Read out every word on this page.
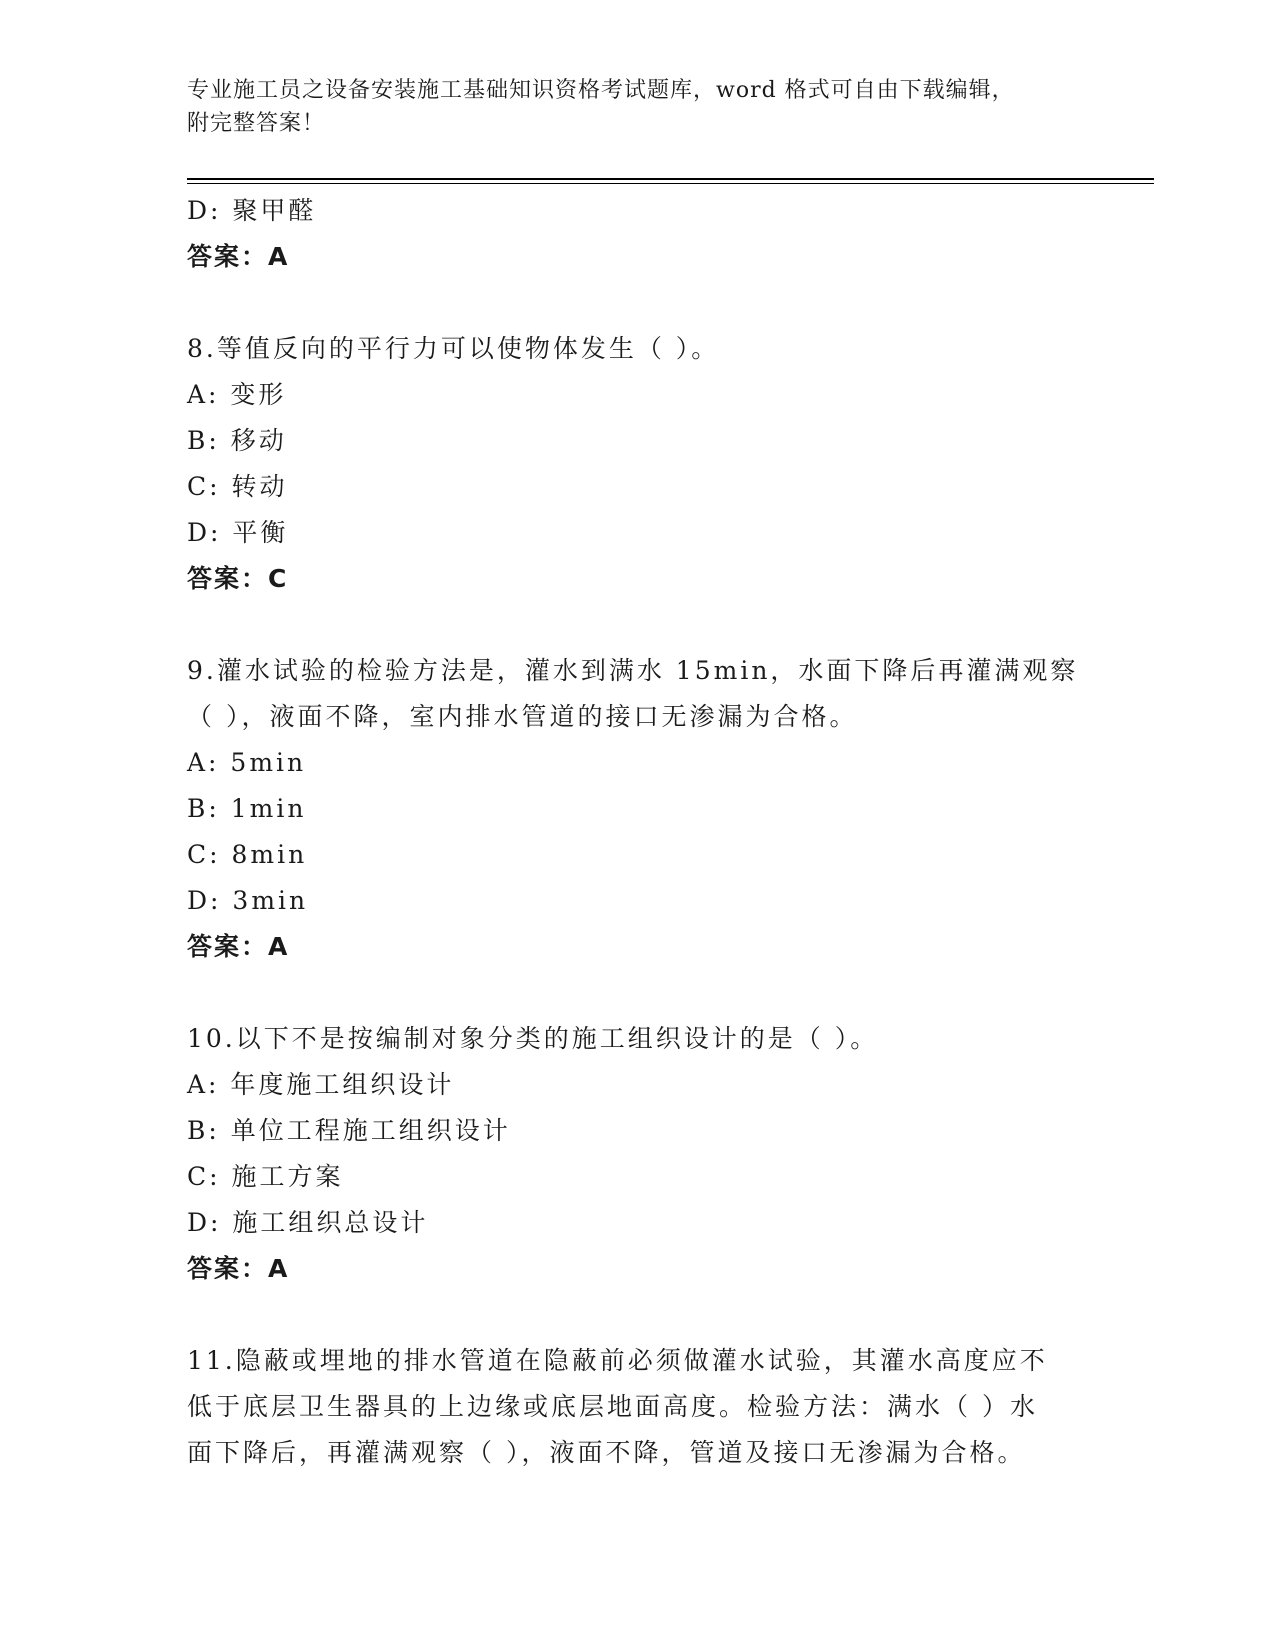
专业施工员之设备安装施工基础知识资格考试题库，word 格式可自由下载编辑，
附完整答案！
D: 聚甲醛
答案：A
8.等值反向的平行力可以使物体发生（ ）。
A: 变形
B: 移动
C: 转动
D: 平衡
答案：C
9.灌水试验的检验方法是，灌水到满水 15min，水面下降后再灌满观察
（ ），液面不降，室内排水管道的接口无渗漏为合格。
A: 5min
B: 1min
C: 8min
D: 3min
答案：A
10.以下不是按编制对象分类的施工组织设计的是（ ）。
A: 年度施工组织设计
B: 单位工程施工组织设计
C: 施工方案
D: 施工组织总设计
答案：A
11.隐蔽或埋地的排水管道在隐蔽前必须做灌水试验，其灌水高度应不
低于底层卫生器具的上边缘或底层地面高度。检验方法：满水（ ）水
面下降后，再灌满观察（ ），液面不降，管道及接口无渗漏为合格。
